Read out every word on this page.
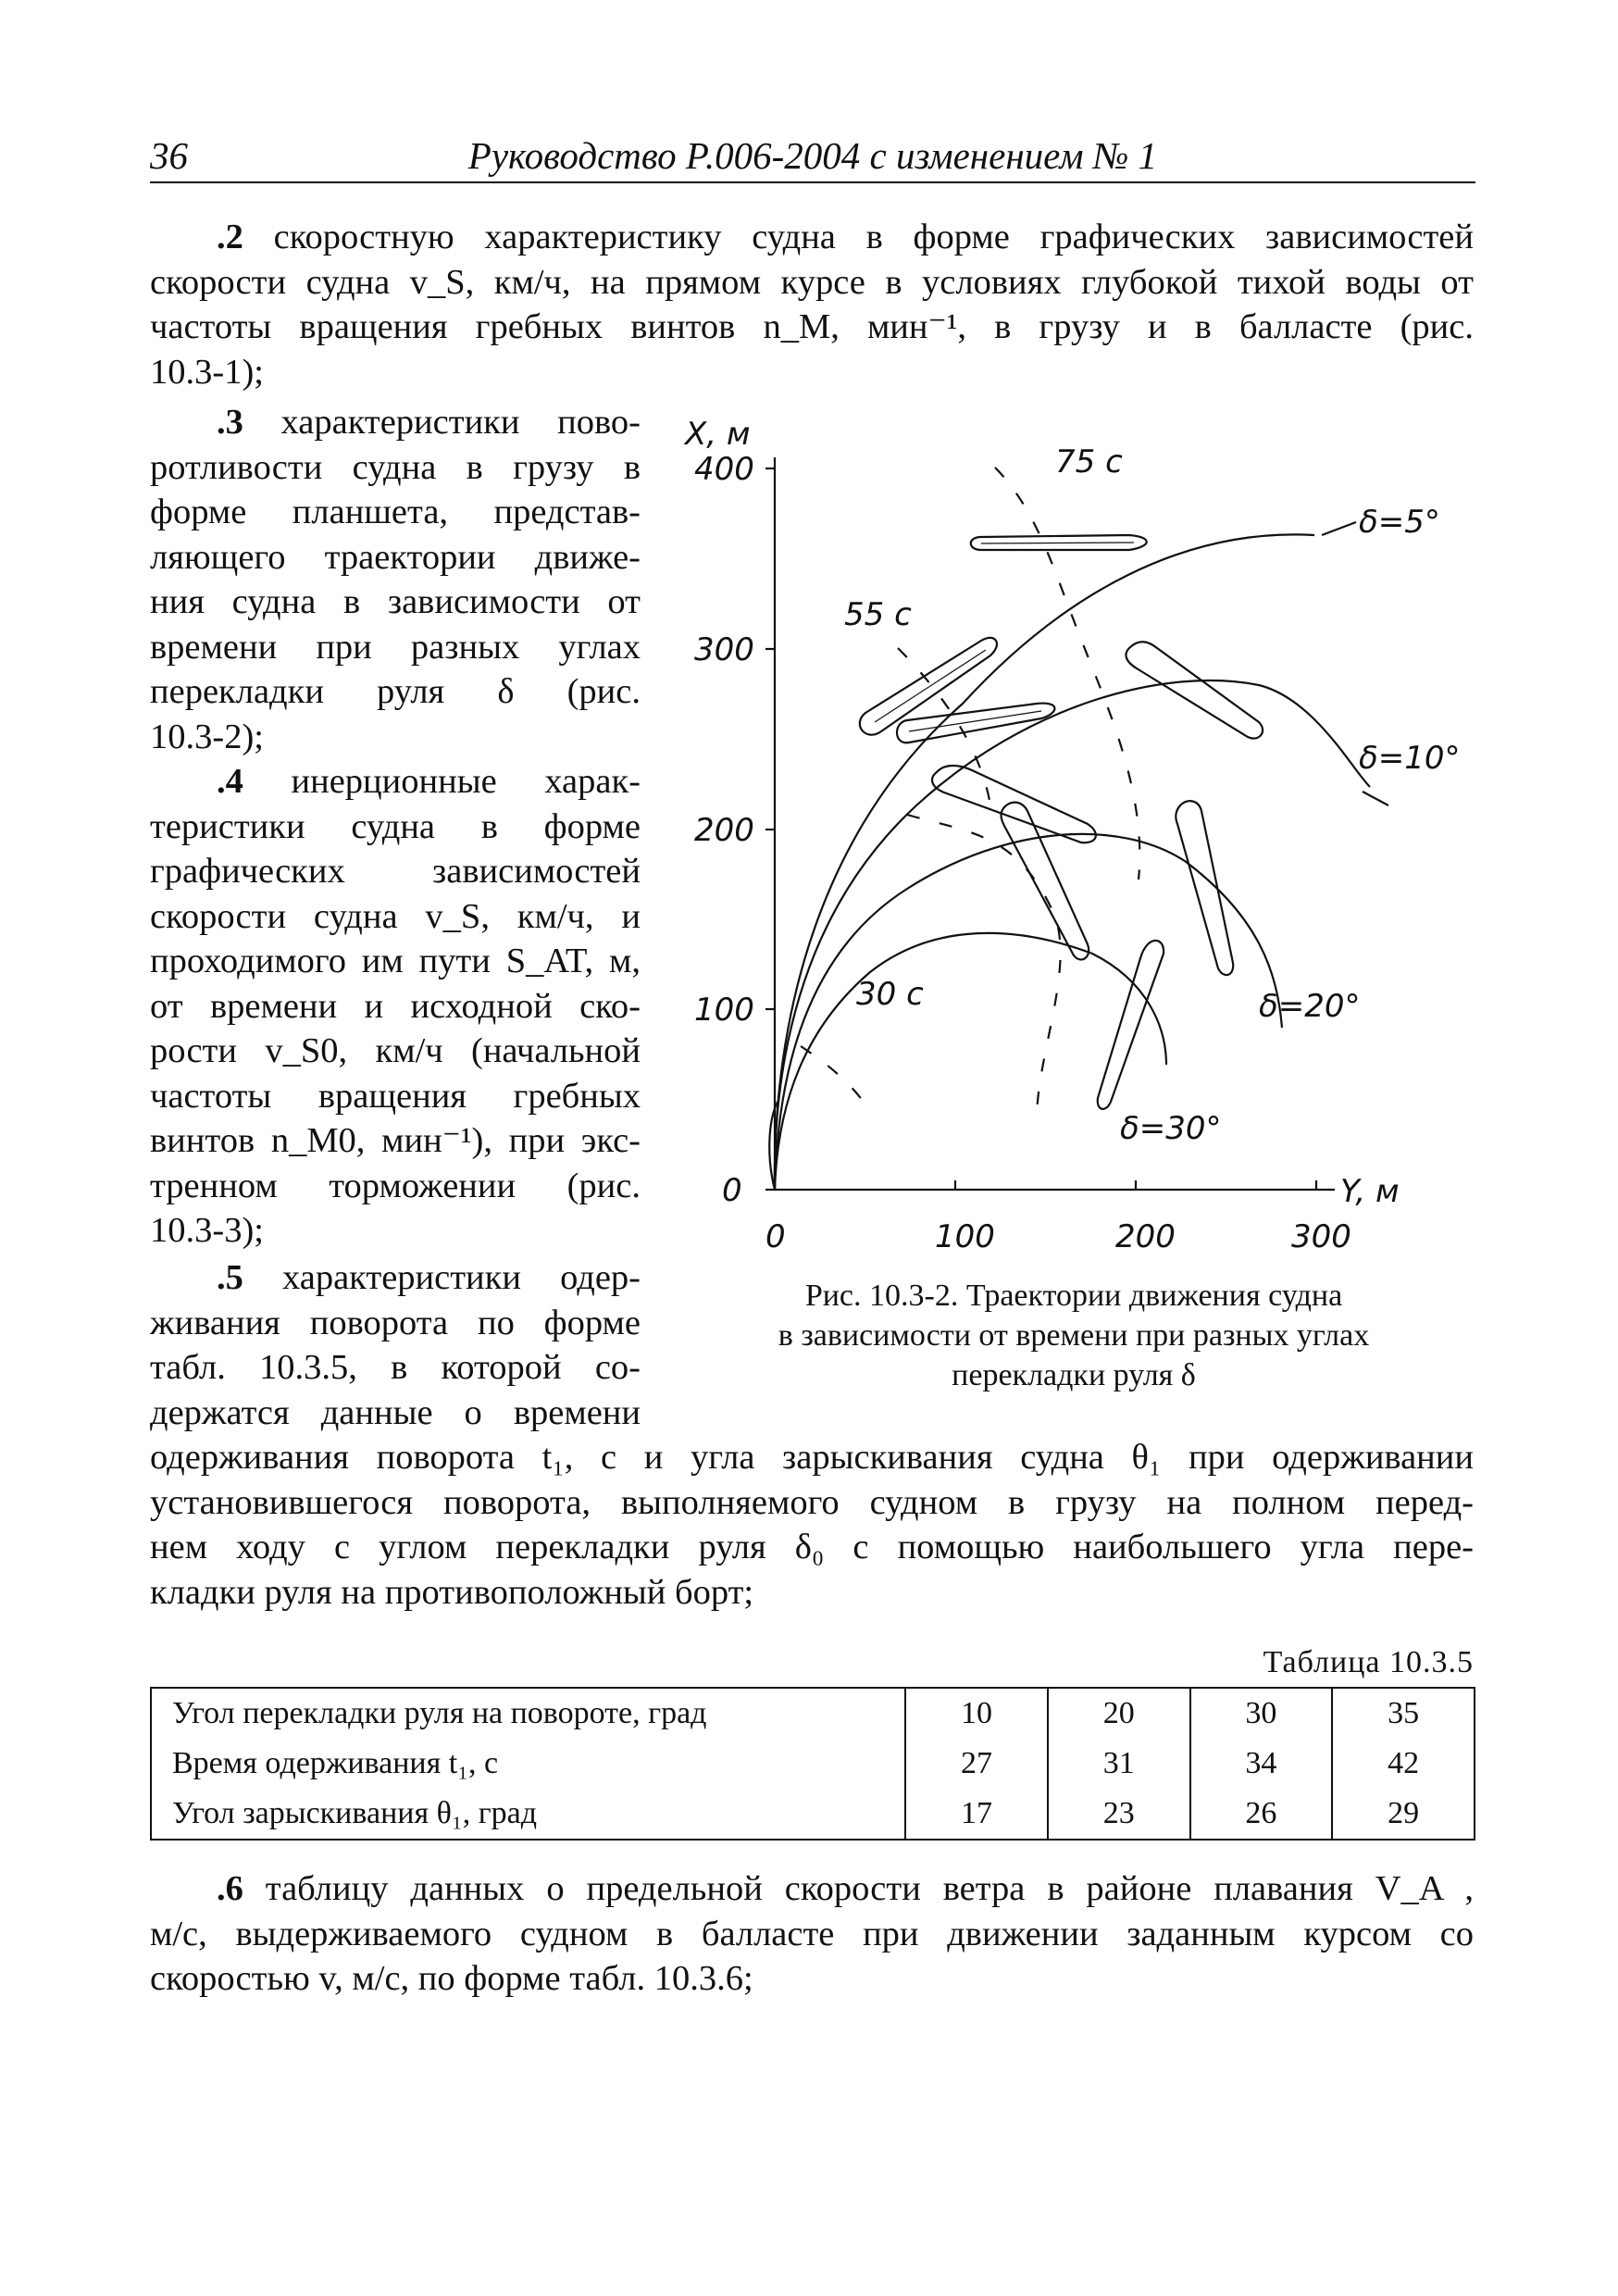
36	Руководство Р.006-2004 с изменением № 1
.2 скоростную характеристику судна в форме графических зависимостей
скорости судна v_S, км/ч, на прямом курсе в условиях глубокой тихой воды от
частоты вращения гребных винтов n_M, мин⁻¹, в грузу и в балласте (рис.
10.3-1);
.3 характеристики пово-
ротливости судна в грузу в
форме планшета, представ-
ляющего траектории движе-
ния судна в зависимости от
времени при разных углах
перекладки руля δ (рис.
10.3-2);
.4 инерционные харак-
теристики судна в форме
графических зависимостей
скорости судна v_S, км/ч, и
проходимого им пути S_AT, м,
от времени и исходной ско-
рости v_S0, км/ч (начальной
частоты вращения гребных
винтов n_M0, мин⁻¹), при экс-
тренном торможении (рис.
10.3-3);
.5 характеристики одер-
живания поворота по форме
табл. 10.3.5, в которой со-
держатся данные о времени
одерживания поворота t₁, с и угла зарыскивания судна θ₁ при одерживании
установившегося поворота, выполняемого судном в грузу на полном перед-
нем ходу с углом перекладки руля δ₀ с помощью наибольшего угла пере-
кладки руля на противоположный борт;
X, м
Y, м
400
300
200
100
0
0	100	200	300
75 с
55 с
30 с
δ=5°
δ=10°
δ=20°
δ=30°
Рис. 10.3-2. Траектории движения судна
в зависимости от времени при разных углах
перекладки руля δ
Таблица 10.3.5
Угол перекладки руля на повороте, град	10	20	30	35
Время одерживания t₁, с	27	31	34	42
Угол зарыскивания θ₁, град	17	23	26	29
.6 таблицу данных о предельной скорости ветра в районе плавания V_A ,
м/с, выдерживаемого судном в балласте при движении заданным курсом со
скоростью v, м/с, по форме табл. 10.3.6;
